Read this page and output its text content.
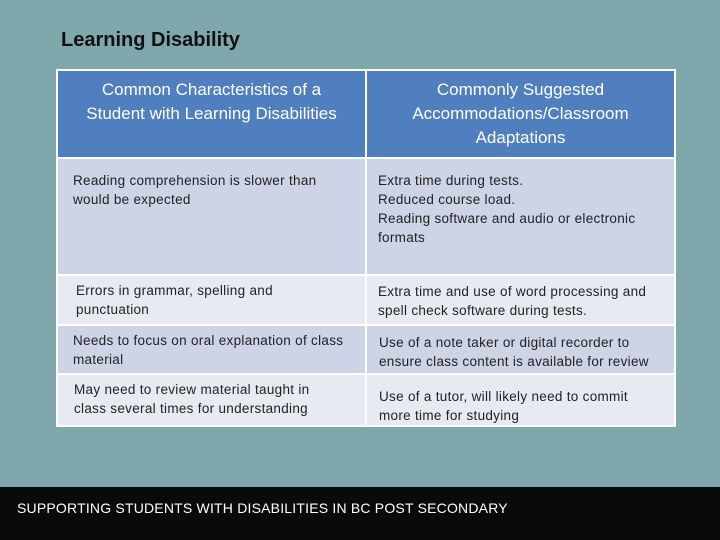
Learning Disability
Common Characteristics of a
Student with Learning Disabilities
Commonly Suggested
Accommodations/Classroom
Adaptations
Reading comprehension is slower than
would be expected
Extra time during tests.
Reduced course load.
Reading software and audio or electronic
formats
Errors in grammar, spelling and
punctuation
Extra time and use of word processing and
spell check software during tests.
Needs to focus on oral explanation of class
material
Use of a note taker or digital recorder to
ensure class content is available for review
May need to review material taught in
class several times for understanding
Use of a tutor, will likely need to commit
more time for studying
SUPPORTING STUDENTS WITH DISABILITIES IN BC POST SECONDARY
